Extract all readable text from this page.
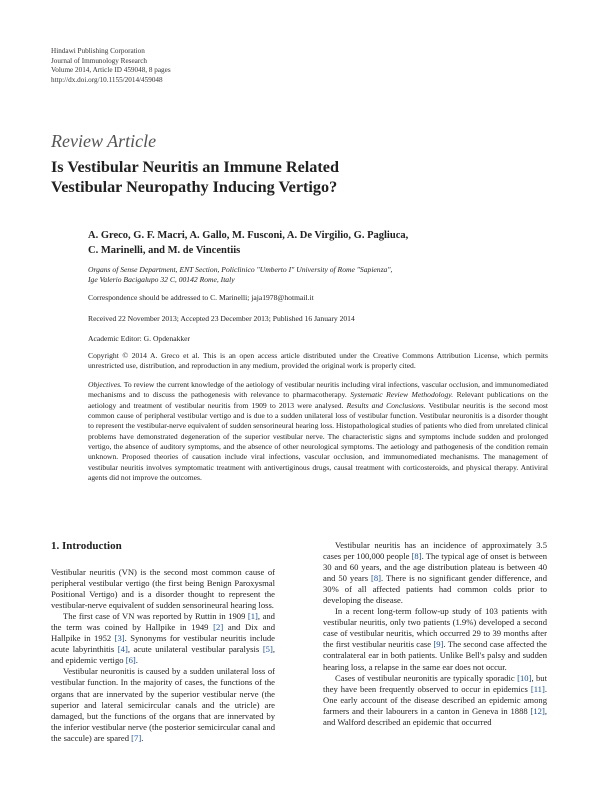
Hindawi Publishing Corporation
Journal of Immunology Research
Volume 2014, Article ID 459048, 8 pages
http://dx.doi.org/10.1155/2014/459048
Review Article
Is Vestibular Neuritis an Immune Related
Vestibular Neuropathy Inducing Vertigo?
A. Greco, G. F. Macri, A. Gallo, M. Fusconi, A. De Virgilio, G. Pagliuca,
C. Marinelli, and M. de Vincentiis
Organs of Sense Department, ENT Section, Policlinico "Umberto I" University of Rome "Sapienza",
Ige Valerio Bacigalupo 32 C, 00142 Rome, Italy
Correspondence should be addressed to C. Marinelli; jaja1978@hotmail.it
Received 22 November 2013; Accepted 23 December 2013; Published 16 January 2014
Academic Editor: G. Opdenakker
Copyright © 2014 A. Greco et al. This is an open access article distributed under the Creative Commons Attribution License, which permits unrestricted use, distribution, and reproduction in any medium, provided the original work is properly cited.
Objectives. To review the current knowledge of the aetiology of vestibular neuritis including viral infections, vascular occlusion, and immunomediated mechanisms and to discuss the pathogenesis with relevance to pharmacotherapy. Systematic Review Methodology. Relevant publications on the aetiology and treatment of vestibular neuritis from 1909 to 2013 were analysed. Results and Conclusions. Vestibular neuritis is the second most common cause of peripheral vestibular vertigo and is due to a sudden unilateral loss of vestibular function. Vestibular neuronitis is a disorder thought to represent the vestibular-nerve equivalent of sudden sensorineural hearing loss. Histopathological studies of patients who died from unrelated clinical problems have demonstrated degeneration of the superior vestibular nerve. The characteristic signs and symptoms include sudden and prolonged vertigo, the absence of auditory symptoms, and the absence of other neurological symptoms. The aetiology and pathogenesis of the condition remain unknown. Proposed theories of causation include viral infections, vascular occlusion, and immunomediated mechanisms. The management of vestibular neuritis involves symptomatic treatment with antivertiginous drugs, causal treatment with corticosteroids, and physical therapy. Antiviral agents did not improve the outcomes.
1. Introduction

Vestibular neuritis (VN) is the second most common cause of peripheral vestibular vertigo (the first being Benign Paroxysmal Positional Vertigo) and is a disorder thought to represent the vestibular-nerve equivalent of sudden sensorineural hearing loss.

The first case of VN was reported by Ruttin in 1909 [1], and the term was coined by Hallpike in 1949 [2] and Dix and Hallpike in 1952 [3]. Synonyms for vestibular neuritis include acute labyrinthitis [4], acute unilateral vestibular paralysis [5], and epidemic vertigo [6].

Vestibular neuronitis is caused by a sudden unilateral loss of vestibular function. In the majority of cases, the functions of the organs that are innervated by the superior vestibular nerve (the superior and lateral semicircular canals and the utricle) are damaged, but the functions of the organs that are innervated by the inferior vestibular nerve (the posterior semicircular canal and the saccule) are spared [7].

Vestibular neuritis has an incidence of approximately 3.5 cases per 100,000 people [8]. The typical age of onset is between 30 and 60 years, and the age distribution plateau is between 40 and 50 years [8]. There is no significant gender difference, and 30% of all affected patients had common colds prior to developing the disease.

In a recent long-term follow-up study of 103 patients with vestibular neuritis, only two patients (1.9%) developed a second case of vestibular neuritis, which occurred 29 to 39 months after the first vestibular neuritis case [9]. The second case affected the contralateral ear in both patients. Unlike Bell's palsy and sudden hearing loss, a relapse in the same ear does not occur.

Cases of vestibular neuronitis are typically sporadic [10], but they have been frequently observed to occur in epidemics [11]. One early account of the disease described an epidemic among farmers and their labourers in a canton in Geneva in 1888 [12], and Walford described an epidemic that occurred
